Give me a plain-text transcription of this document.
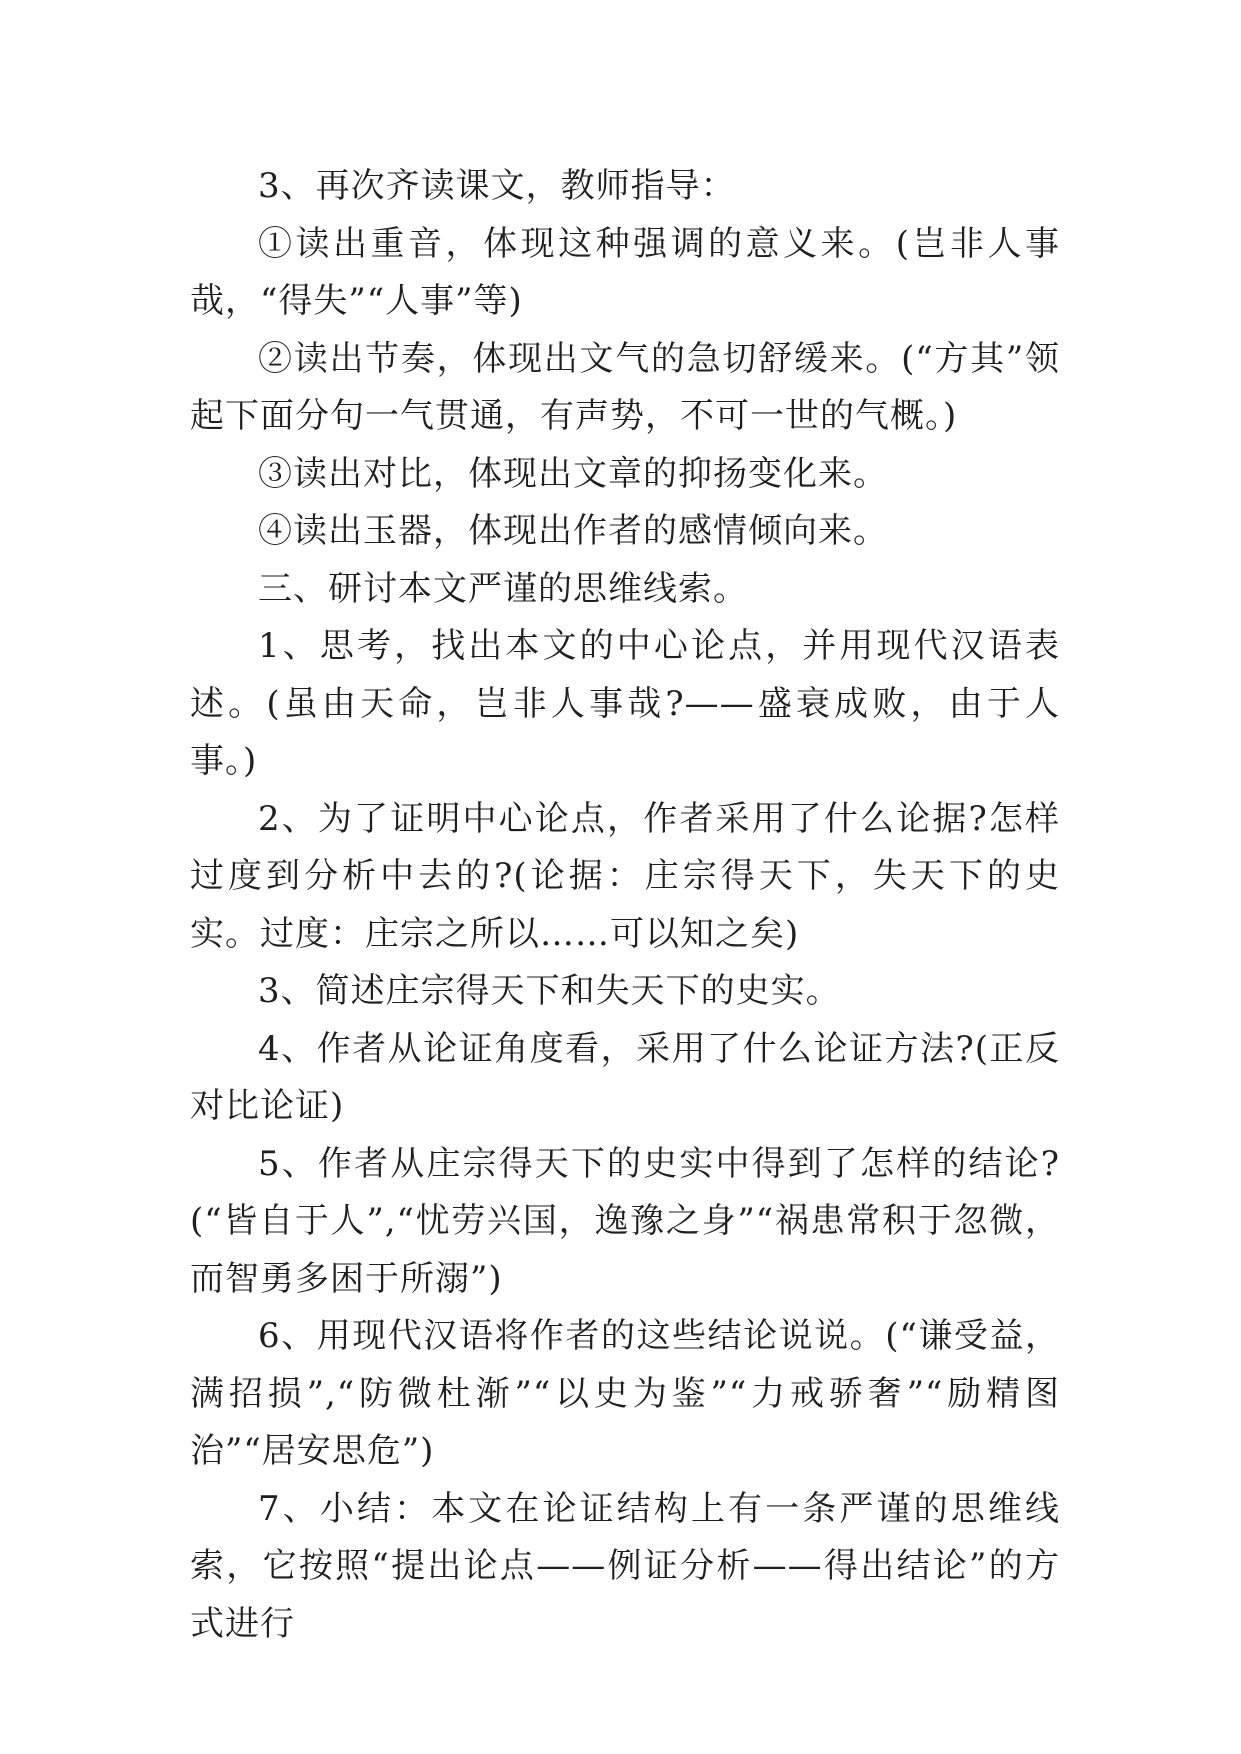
3、再次齐读课文，教师指导：

①读出重音，体现这种强调的意义来。(岂非人事哉，“得失”“人事”等)

②读出节奏，体现出文气的急切舒缓来。(“方其”领起下面分句一气贯通，有声势，不可一世的气概。)

③读出对比，体现出文章的抑扬变化来。

④读出玉器，体现出作者的感情倾向来。

三、研讨本文严谨的思维线索。

1、思考，找出本文的中心论点，并用现代汉语表述。(虽由天命，岂非人事哉?——盛衰成败，由于人事。)

2、为了证明中心论点，作者采用了什么论据?怎样过度到分析中去的?(论据：庄宗得天下，失天下的史实。过度：庄宗之所以……可以知之矣)

3、简述庄宗得天下和失天下的史实。

4、作者从论证角度看，采用了什么论证方法?(正反对比论证)

5、作者从庄宗得天下的史实中得到了怎样的结论?(“皆自于人”,“忧劳兴国，逸豫之身”“祸患常积于忽微，而智勇多困于所溺”)

6、用现代汉语将作者的这些结论说说。(“谦受益，满招损”,“防微杜渐”“以史为鉴”“力戒骄奢”“励精图治”“居安思危”)

7、小结：本文在论证结构上有一条严谨的思维线索，它按照“提出论点——例证分析——得出结论”的方式进行
